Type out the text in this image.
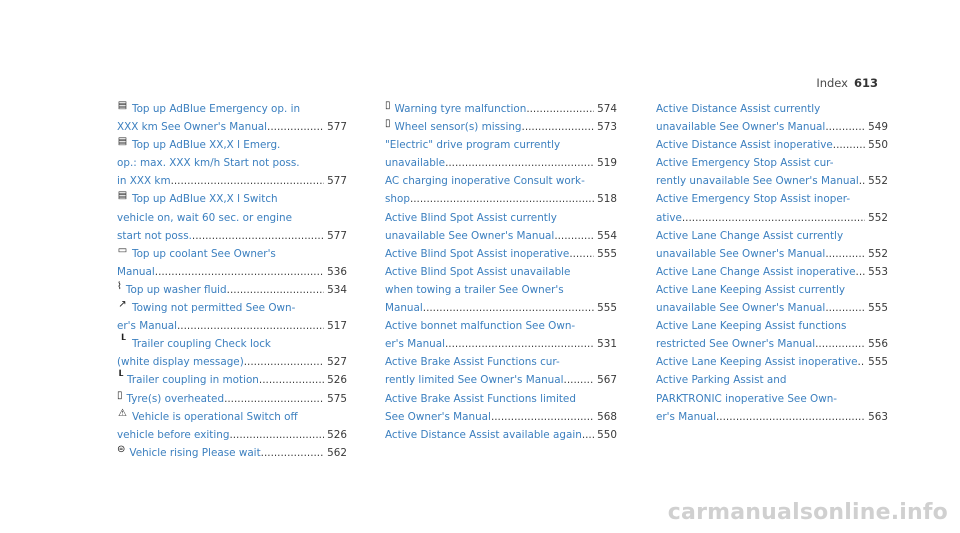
Index 613
▤ Top up AdBlue Emergency op. in
XXX km See Owner's Manual .....	577
▤ Top up AdBlue XX,X l Emerg.
op.: max. XXX km/h Start not poss.
in XXX km .....	577
▤ Top up AdBlue XX,X l Switch
vehicle on, wait 60 sec. or engine
start not poss. .....	577
▭ Top up coolant See Owner's
Manual .....	536
⌇ Top up washer fluid .....	534
↗ Towing not permitted See Own-
er's Manual .....	517
┖ Trailer coupling Check lock
(white display message) .....	527
┖ Trailer coupling in motion .....	526
▯ Tyre(s) overheated .....	575
⚠ Vehicle is operational Switch off
vehicle before exiting .....	526
⊜ Vehicle rising Please wait .....	562
▯ Warning tyre malfunction .....	574
▯ Wheel sensor(s) missing .....	573
"Electric" drive program currently
unavailable .....	519
AC charging inoperative Consult work-
shop .....	518
Active Blind Spot Assist currently
unavailable See Owner's Manual .....	554
Active Blind Spot Assist inoperative .....	555
Active Blind Spot Assist unavailable
when towing a trailer See Owner's
Manual .....	555
Active bonnet malfunction See Own-
er's Manual .....	531
Active Brake Assist Functions cur-
rently limited See Owner's Manual .....	567
Active Brake Assist Functions limited
See Owner's Manual .....	568
Active Distance Assist available again ..... 550
Active Distance Assist currently
unavailable See Owner's Manual .....	549
Active Distance Assist inoperative .....	550
Active Emergency Stop Assist cur-
rently unavailable See Owner's Manual ..... 552
Active Emergency Stop Assist inoper-
ative .....	552
Active Lane Change Assist currently
unavailable See Owner's Manual .....	552
Active Lane Change Assist inoperative ..... 553
Active Lane Keeping Assist currently
unavailable See Owner's Manual .....	555
Active Lane Keeping Assist functions
restricted See Owner's Manual .....	556
Active Lane Keeping Assist inoperative ..... 555
Active Parking Assist and
PARKTRONIC inoperative See Own-
er's Manual .....	563
carmanualsonline.info
